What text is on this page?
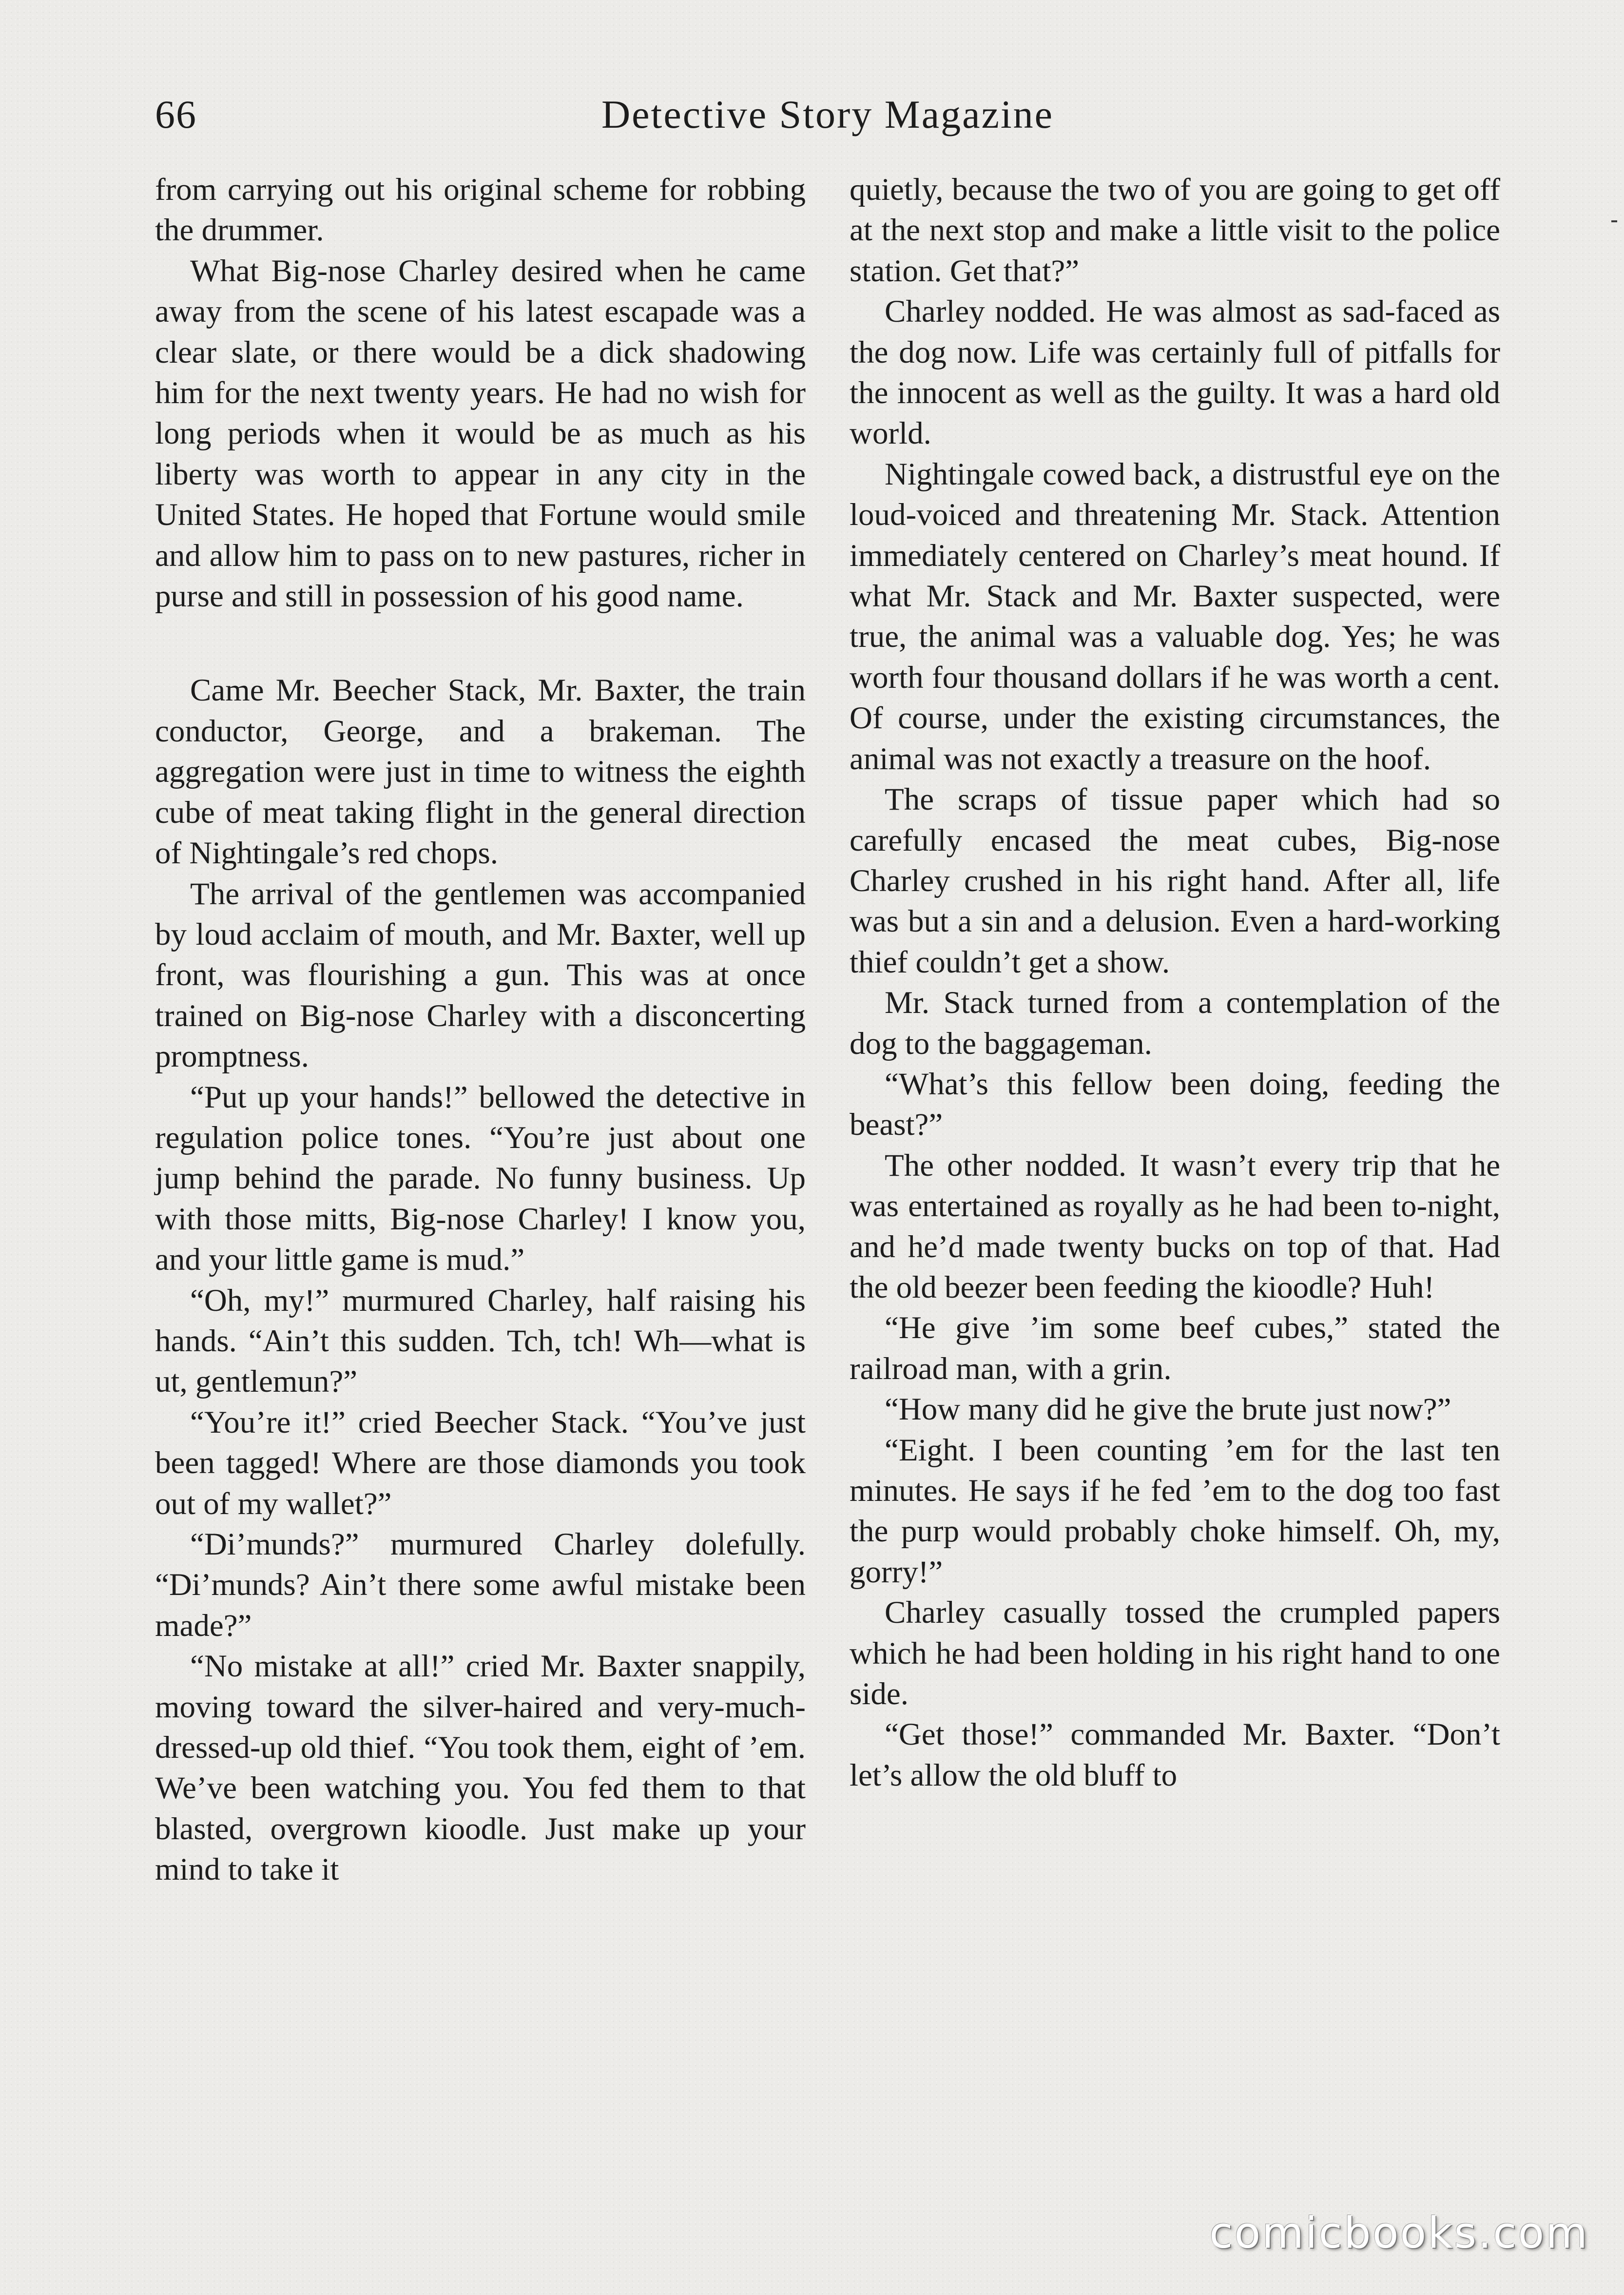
66	Detective Story Magazine

from carrying out his original scheme for robbing the drummer.

What Big-nose Charley desired when he came away from the scene of his latest escapade was a clear slate, or there would be a dick shadowing him for the next twenty years. He had no wish for long periods when it would be as much as his liberty was worth to appear in any city in the United States. He hoped that Fortune would smile and allow him to pass on to new pastures, richer in purse and still in possession of his good name.

Came Mr. Beecher Stack, Mr. Baxter, the train conductor, George, and a brakeman. The aggregation were just in time to witness the eighth cube of meat taking flight in the general direction of Nightingale’s red chops.

The arrival of the gentlemen was accompanied by loud acclaim of mouth, and Mr. Baxter, well up front, was flourishing a gun. This was at once trained on Big-nose Charley with a disconcerting promptness.

“Put up your hands!” bellowed the detective in regulation police tones. “You’re just about one jump behind the parade. No funny business. Up with those mitts, Big-nose Charley! I know you, and your little game is mud.”

“Oh, my!” murmured Charley, half raising his hands. “Ain’t this sudden. Tch, tch! Wh—what is ut, gentlemun?”

“You’re it!” cried Beecher Stack. “You’ve just been tagged! Where are those diamonds you took out of my wallet?”

“Di’munds?” murmured Charley dolefully. “Di’munds? Ain’t there some awful mistake been made?”

“No mistake at all!” cried Mr. Baxter snappily, moving toward the silver-haired and very-much-dressed-up old thief. “You took them, eight of ’em. We’ve been watching you. You fed them to that blasted, overgrown kioodle. Just make up your mind to take it

quietly, because the two of you are going to get off at the next stop and make a little visit to the police station. Get that?”

Charley nodded. He was almost as sad-faced as the dog now. Life was certainly full of pitfalls for the innocent as well as the guilty. It was a hard old world.

Nightingale cowed back, a distrustful eye on the loud-voiced and threatening Mr. Stack. Attention immediately centered on Charley’s meat hound. If what Mr. Stack and Mr. Baxter suspected, were true, the animal was a valuable dog. Yes; he was worth four thousand dollars if he was worth a cent. Of course, under the existing circumstances, the animal was not exactly a treasure on the hoof.

The scraps of tissue paper which had so carefully encased the meat cubes, Big-nose Charley crushed in his right hand. After all, life was but a sin and a delusion. Even a hard-working thief couldn’t get a show.

Mr. Stack turned from a contemplation of the dog to the baggageman.

“What’s this fellow been doing, feeding the beast?”

The other nodded. It wasn’t every trip that he was entertained as royally as he had been to-night, and he’d made twenty bucks on top of that. Had the old beezer been feeding the kioodle? Huh!

“He give ’im some beef cubes,” stated the railroad man, with a grin.

“How many did he give the brute just now?”

“Eight. I been counting ’em for the last ten minutes. He says if he fed ’em to the dog too fast the purp would probably choke himself. Oh, my, gorry!”

Charley casually tossed the crumpled papers which he had been holding in his right hand to one side.

“Get those!” commanded Mr. Baxter. “Don’t let’s allow the old bluff to

comicbooks.com
